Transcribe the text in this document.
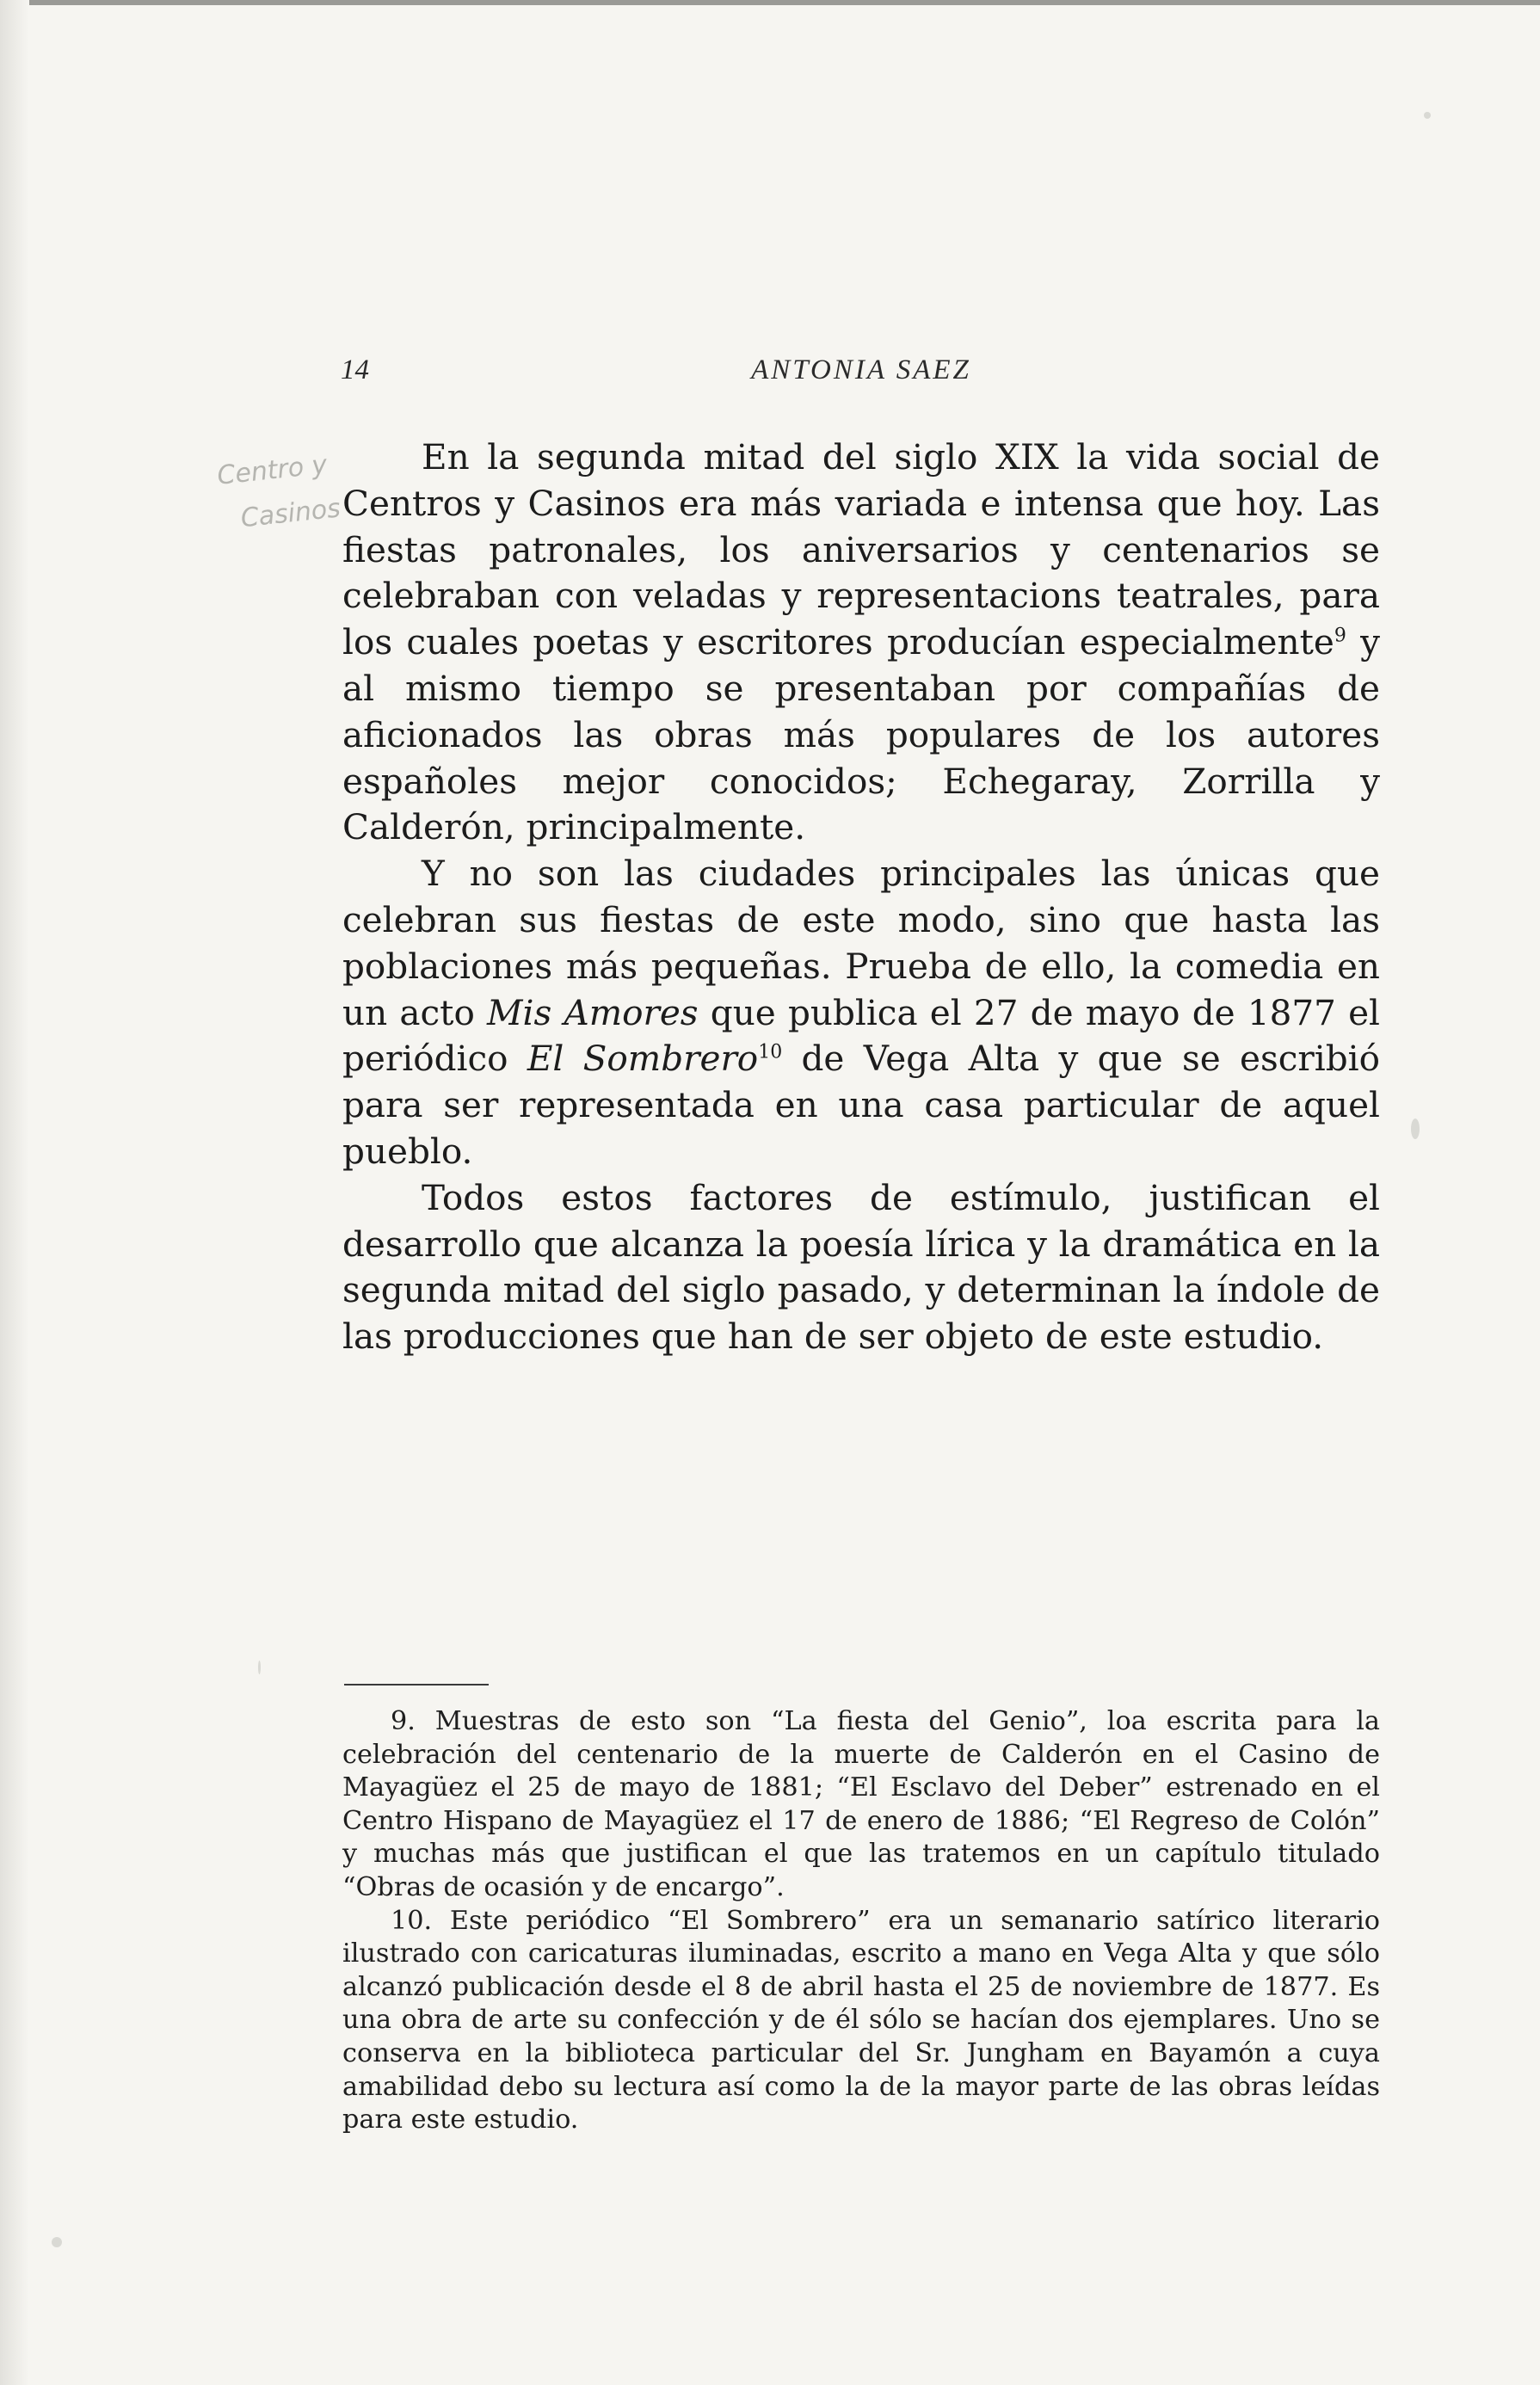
14	ANTONIA SAEZ
Centro y
Casinos

En la segunda mitad del siglo XIX la vida social de Centros y Casinos era más variada e intensa que hoy. Las fiestas patronales, los aniversarios y centenarios se celebraban con veladas y representacions teatrales, para los cuales poetas y escritores producían especialmente$^9$ y al mismo tiempo se presentaban por compañías de aficionados las obras más populares de los autores españoles mejor conocidos; Echegaray, Zorrilla y Calderón, principalmente.

Y no son las ciudades principales las únicas que celebran sus fiestas de este modo, sino que hasta las poblaciones más pequeñas. Prueba de ello, la comedia en un acto Mis Amores que publica el 27 de mayo de 1877 el periódico El Sombrero$^{10}$ de Vega Alta y que se escribió para ser representada en una casa particular de aquel pueblo.

Todos estos factores de estímulo, justifican el desarrollo que alcanza la poesía lírica y la dramática en la segunda mitad del siglo pasado, y determinan la índole de las producciones que han de ser objeto de este estudio.

9. Muestras de esto son “La fiesta del Genio”, loa escrita para la celebración del centenario de la muerte de Calderón en el Casino de Mayagüez el 25 de mayo de 1881; “El Esclavo del Deber” estrenado en el Centro Hispano de Mayagüez el 17 de enero de 1886; “El Regreso de Colón” y muchas más que justifican el que las tratemos en un capítulo titulado “Obras de ocasión y de encargo”.

10. Este periódico “El Sombrero” era un semanario satírico literario ilustrado con caricaturas iluminadas, escrito a mano en Vega Alta y que sólo alcanzó publicación desde el 8 de abril hasta el 25 de noviembre de 1877. Es una obra de arte su confección y de él sólo se hacían dos ejemplares. Uno se conserva en la biblioteca particular del Sr. Jungham en Bayamón a cuya amabilidad debo su lectura así como la de la mayor parte de las obras leídas para este estudio.
